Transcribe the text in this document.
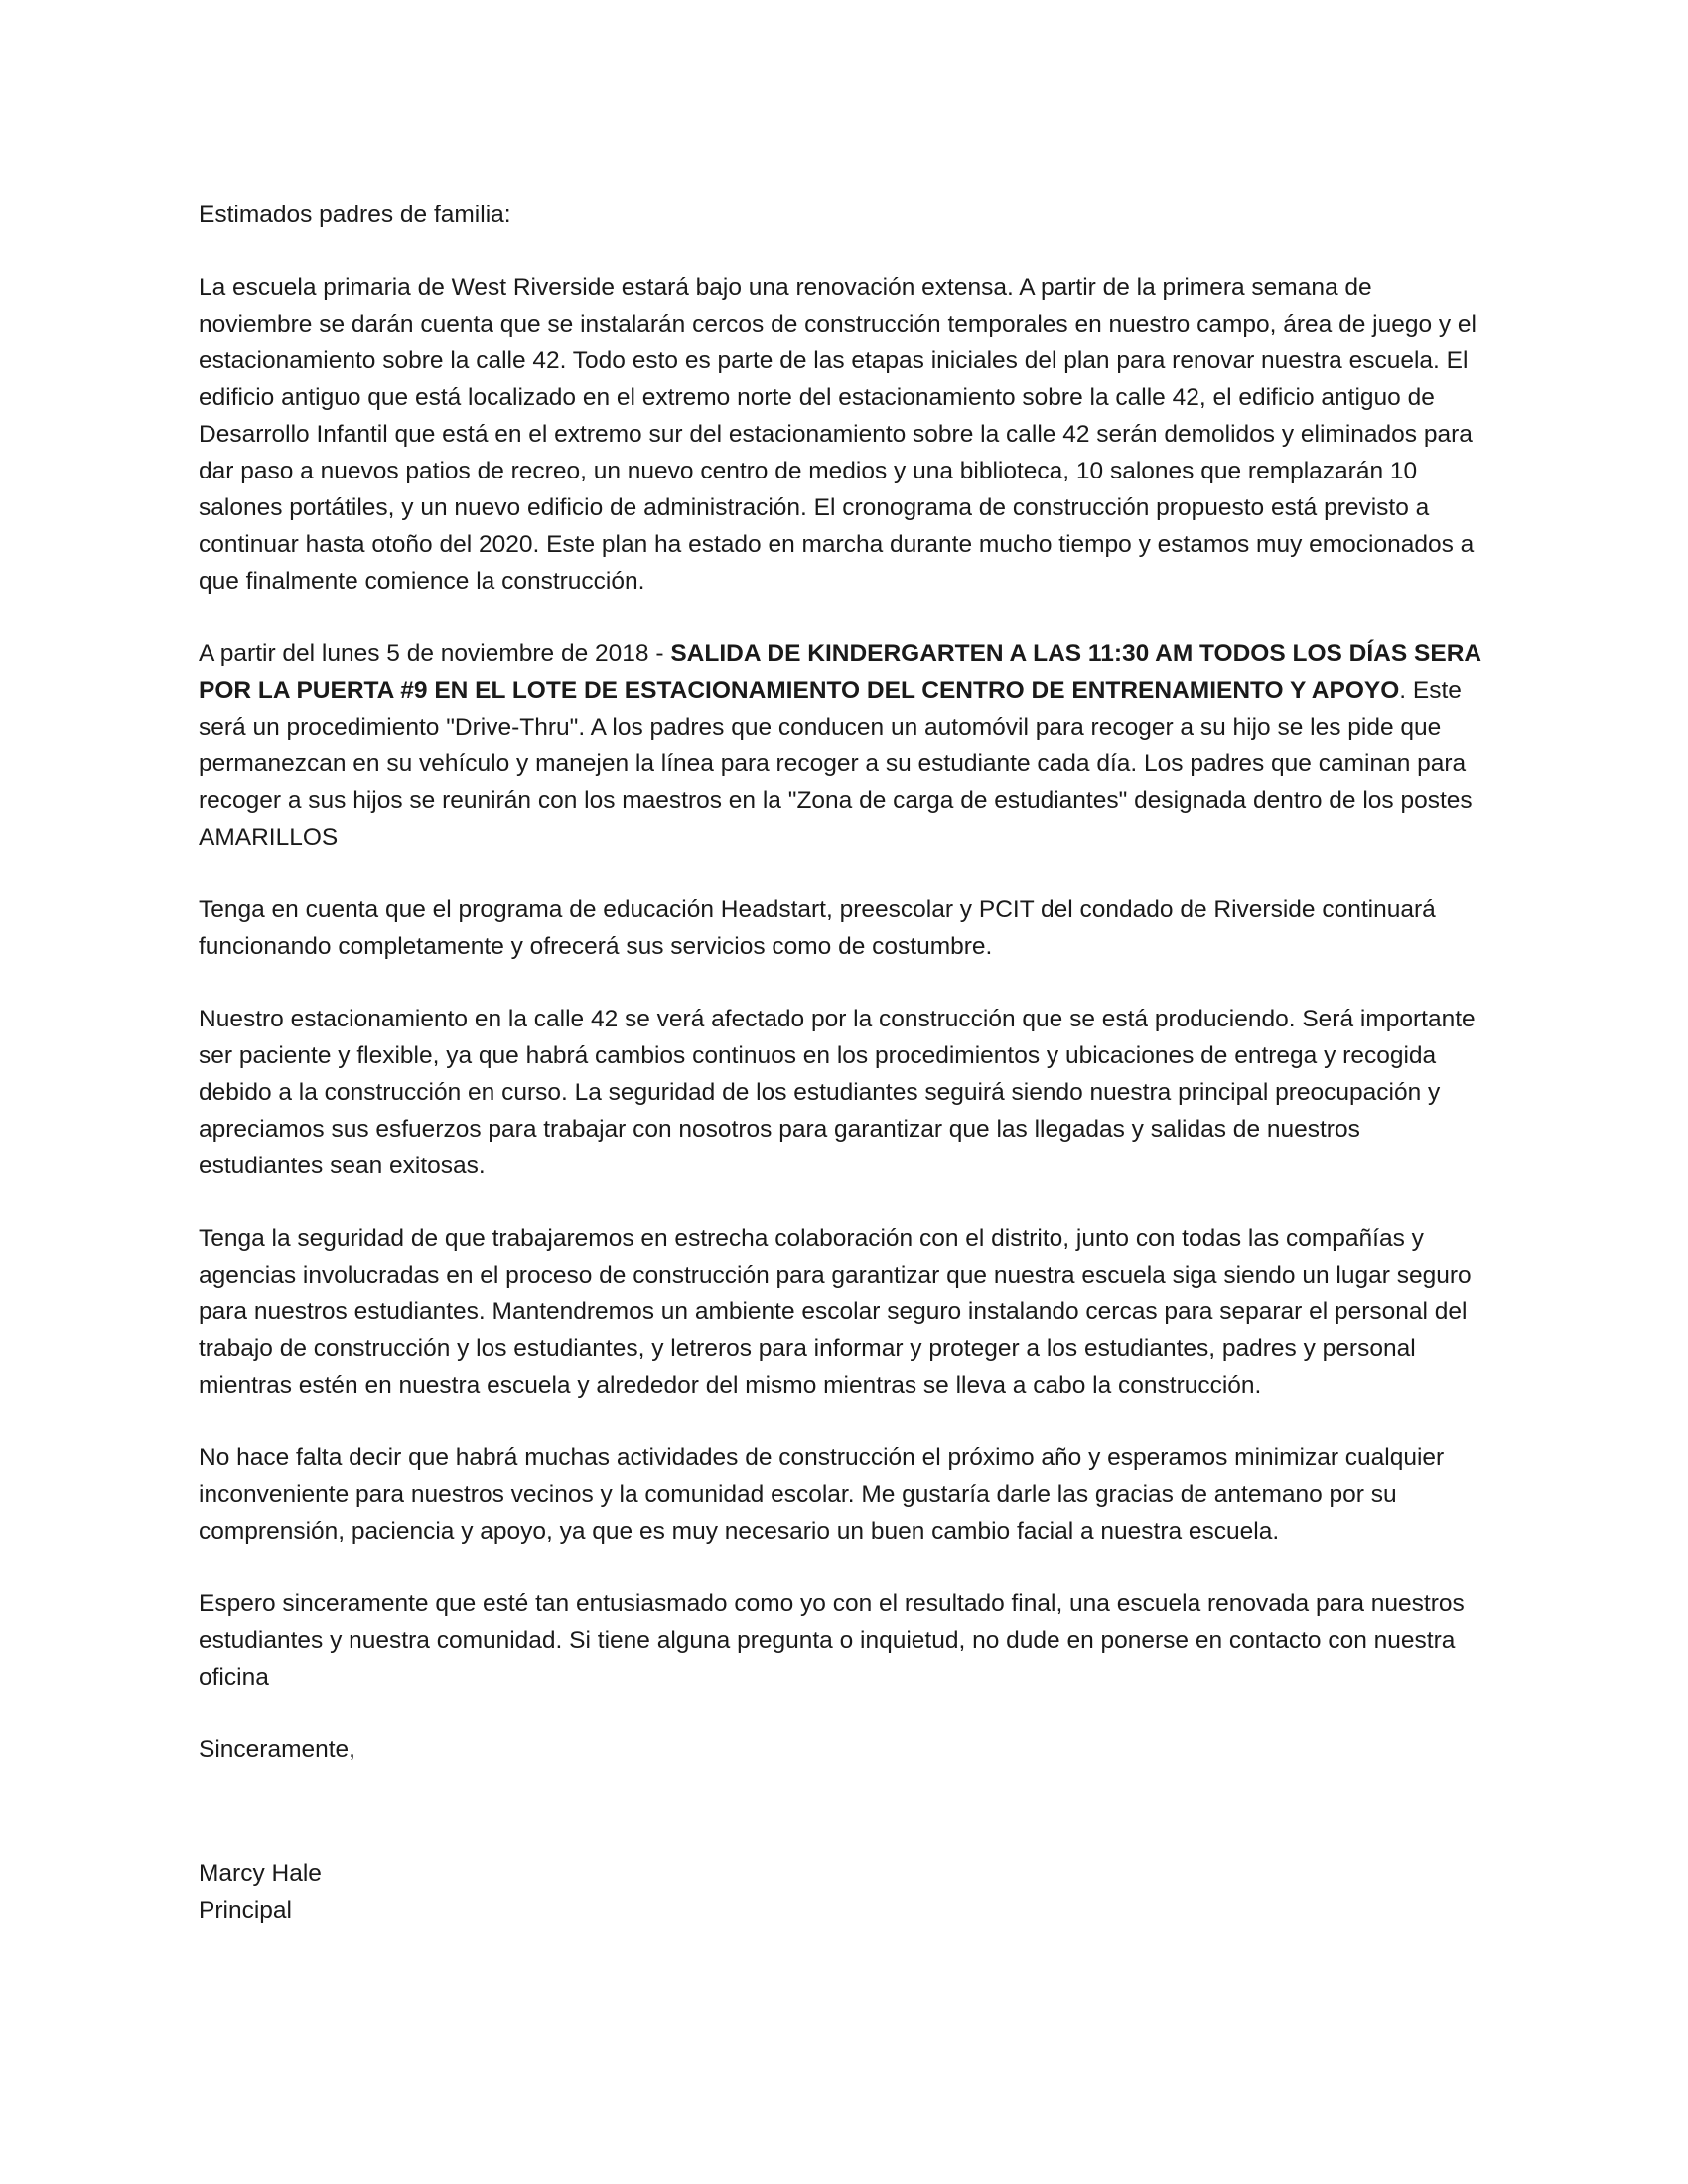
Estimados padres de familia:

La escuela primaria de West Riverside estará bajo una renovación extensa. A partir de la primera semana de noviembre se darán cuenta que se instalarán cercos de construcción temporales en nuestro campo, área de juego y el estacionamiento sobre la calle 42. Todo esto es parte de las etapas iniciales del plan para renovar nuestra escuela. El edificio antiguo que está localizado en el extremo norte del estacionamiento sobre la calle 42, el edificio antiguo de Desarrollo Infantil que está en el extremo sur del estacionamiento sobre la calle 42 serán demolidos y eliminados para dar paso a nuevos patios de recreo, un nuevo centro de medios y una biblioteca, 10 salones que remplazarán 10 salones portátiles, y un nuevo edificio de administración. El cronograma de construcción propuesto está previsto a continuar hasta otoño del 2020. Este plan ha estado en marcha durante mucho tiempo y estamos muy emocionados a que finalmente comience la construcción.

A partir del lunes 5 de noviembre de 2018 - SALIDA DE KINDERGARTEN A LAS 11:30 AM TODOS LOS DÍAS SERA POR LA PUERTA #9 EN EL LOTE DE ESTACIONAMIENTO DEL CENTRO DE ENTRENAMIENTO Y APOYO. Este será un procedimiento "Drive-Thru". A los padres que conducen un automóvil para recoger a su hijo se les pide que permanezcan en su vehículo y manejen la línea para recoger a su estudiante cada día. Los padres que caminan para recoger a sus hijos se reunirán con los maestros en la "Zona de carga de estudiantes" designada dentro de los postes AMARILLOS

Tenga en cuenta que el programa de educación Headstart, preescolar y PCIT del condado de Riverside continuará funcionando completamente y ofrecerá sus servicios como de costumbre.

Nuestro estacionamiento en la calle 42 se verá afectado por la construcción que se está produciendo. Será importante ser paciente y flexible, ya que habrá cambios continuos en los procedimientos y ubicaciones de entrega y recogida debido a la construcción en curso. La seguridad de los estudiantes seguirá siendo nuestra principal preocupación y apreciamos sus esfuerzos para trabajar con nosotros para garantizar que las llegadas y salidas de nuestros estudiantes sean exitosas.

Tenga la seguridad de que trabajaremos en estrecha colaboración con el distrito, junto con todas las compañías y agencias involucradas en el proceso de construcción para garantizar que nuestra escuela siga siendo un lugar seguro para nuestros estudiantes. Mantendremos un ambiente escolar seguro instalando cercas para separar el personal del trabajo de construcción y los estudiantes, y letreros para informar y proteger a los estudiantes, padres y personal mientras estén en nuestra escuela y alrededor del mismo mientras se lleva a cabo la construcción.

No hace falta decir que habrá muchas actividades de construcción el próximo año y esperamos minimizar cualquier inconveniente para nuestros vecinos y la comunidad escolar. Me gustaría darle las gracias de antemano por su comprensión, paciencia y apoyo, ya que es muy necesario un buen cambio facial a nuestra escuela.

Espero sinceramente que esté tan entusiasmado como yo con el resultado final, una escuela renovada para nuestros estudiantes y nuestra comunidad. Si tiene alguna pregunta o inquietud, no dude en ponerse en contacto con nuestra oficina

Sinceramente,

Marcy Hale

Principal
